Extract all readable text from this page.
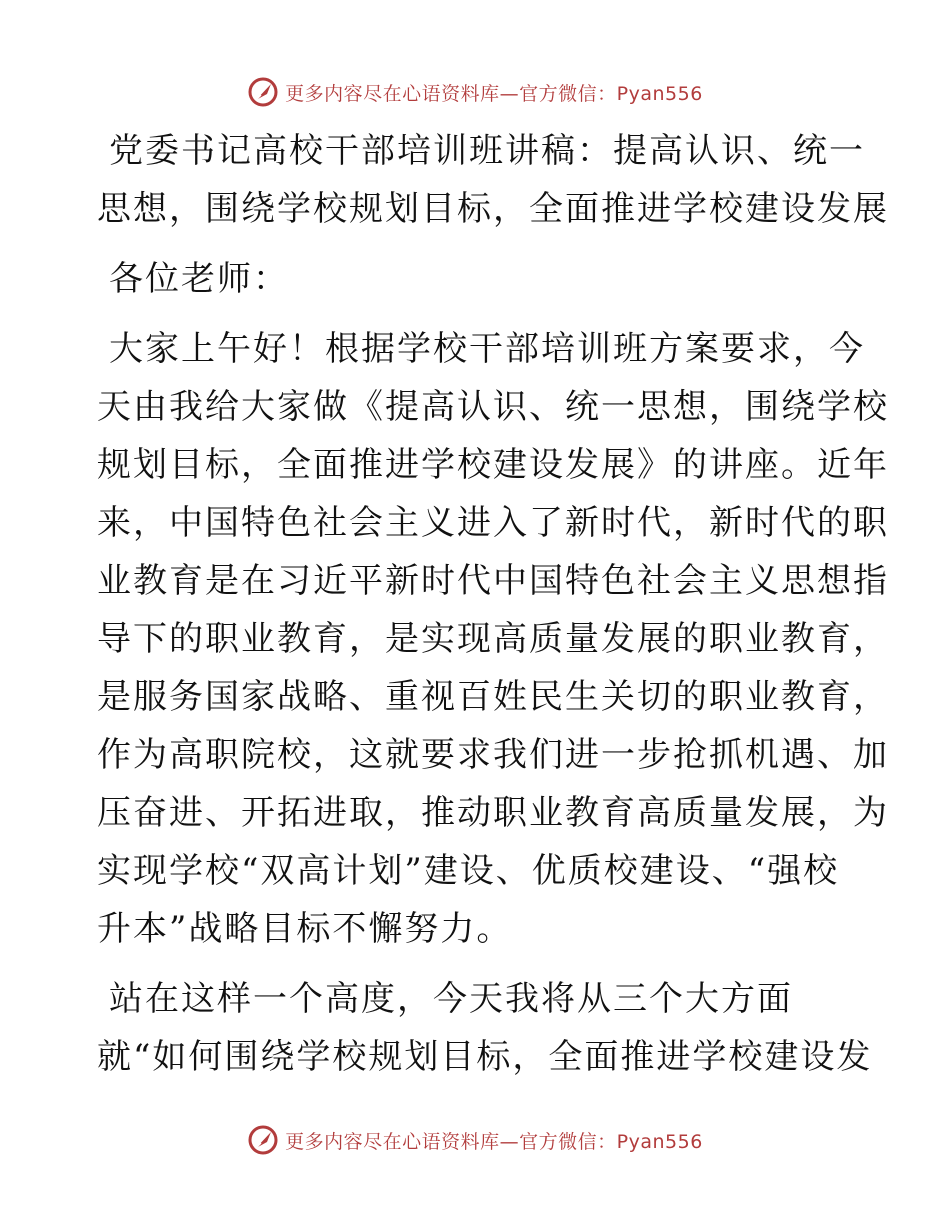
更多内容尽在心语资料库—官方微信：Pyan556
党委书记高校干部培训班讲稿：提高认识、统一
思想，围绕学校规划目标，全面推进学校建设发展
各位老师：
大家上午好！根据学校干部培训班方案要求，今
天由我给大家做《提高认识、统一思想，围绕学校
规划目标，全面推进学校建设发展》的讲座。近年
来，中国特色社会主义进入了新时代，新时代的职
业教育是在习近平新时代中国特色社会主义思想指
导下的职业教育，是实现高质量发展的职业教育，
是服务国家战略、重视百姓民生关切的职业教育，
作为高职院校，这就要求我们进一步抢抓机遇、加
压奋进、开拓进取，推动职业教育高质量发展，为
实现学校“双高计划”建设、优质校建设、“强校
升本”战略目标不懈努力。
站在这样一个高度，今天我将从三个大方面
就“如何围绕学校规划目标，全面推进学校建设发
更多内容尽在心语资料库—官方微信：Pyan556
